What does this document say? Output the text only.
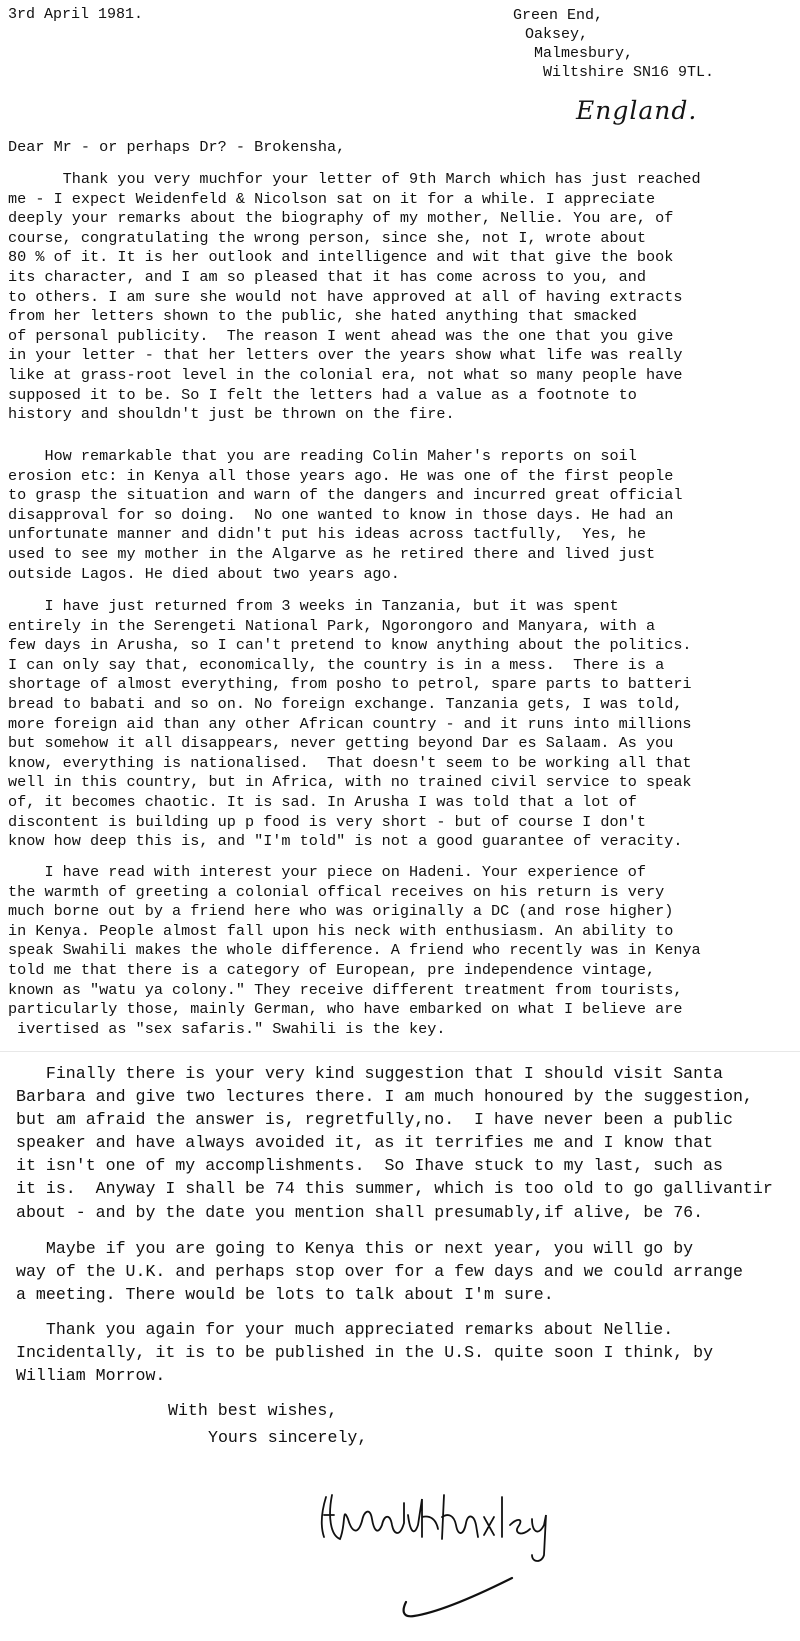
3rd April 1981.	Green End,
Oaksey,
Malmesbury,
Wiltshire SN16 9TL.
England.
Dear Mr - or perhaps Dr? - Brokensha,
Thank you very muchfor your letter of 9th March which has just reached
me - I expect Weidenfeld & Nicolson sat on it for a while. I appreciate
deeply your remarks about the biography of my mother, Nellie. You are, of
course, congratulating the wrong person, since she, not I, wrote about
80 % of it. It is her outlook and intelligence and wit that give the book
its character, and I am so pleased that it has come across to you, and
to others. I am sure she would not have approved at all of having extracts
from her letters shown to the public, she hated anything that smacked
of personal publicity.  The reason I went ahead was the one that you give
in your letter - that her letters over the years show what life was really
like at grass-root level in the colonial era, not what so many people have
supposed it to be. So I felt the letters had a value as a footnote to
history and shouldn't just be thrown on the fire.
How remarkable that you are reading Colin Maher's reports on soil
erosion etc: in Kenya all those years ago. He was one of the first people
to grasp the situation and warn of the dangers and incurred great official
disapproval for so doing.  No one wanted to know in those days. He had an
unfortunate manner and didn't put his ideas across tactfully,  Yes, he
used to see my mother in the Algarve as he retired there and lived just
outside Lagos. He died about two years ago.
I have just returned from 3 weeks in Tanzania, but it was spent
entirely in the Serengeti National Park, Ngorongoro and Manyara, with a
few days in Arusha, so I can't pretend to know anything about the politics.
I can only say that, economically, the country is in a mess.  There is a
shortage of almost everything, from posho to petrol, spare parts to batteri
bread to babati and so on. No foreign exchange. Tanzania gets, I was told,
more foreign aid than any other African country - and it runs into millions
but somehow it all disappears, never getting beyond Dar es Salaam. As you
know, everything is nationalised.  That doesn't seem to be working all that
well in this country, but in Africa, with no trained civil service to speak
of, it becomes chaotic. It is sad. In Arusha I was told that a lot of
discontent is building up p food is very short - but of course I don't
know how deep this is, and "I'm told" is not a good guarantee of veracity.
I have read with interest your piece on Hadeni. Your experience of
the warmth of greeting a colonial offical receives on his return is very
much borne out by a friend here who was originally a DC (and rose higher)
in Kenya. People almost fall upon his neck with enthusiasm. An ability to
speak Swahili makes the whole difference. A friend who recently was in Kenya
told me that there is a category of European, pre independence vintage,
known as "watu ya colony." They receive different treatment from tourists,
particularly those, mainly German, who have embarked on what I believe are
ivertised as "sex safaris." Swahili is the key.
Finally there is your very kind suggestion that I should visit Santa
Barbara and give two lectures there. I am much honoured by the suggestion,
but am afraid the answer is, regretfully,no.  I have never been a public
speaker and have always avoided it, as it terrifies me and I know that
it isn't one of my accomplishments.  So Ihave stuck to my last, such as
it is.  Anyway I shall be 74 this summer, which is too old to go gallivantir
about - and by the date you mention shall presumably,if alive, be 76.
Maybe if you are going to Kenya this or next year, you will go by
way of the U.K. and perhaps stop over for a few days and we could arrange
a meeting. There would be lots to talk about I'm sure.
Thank you again for your much appreciated remarks about Nellie.
Incidentally, it is to be published in the U.S. quite soon I think, by
William Morrow.
With best wishes,
Yours sincerely,
